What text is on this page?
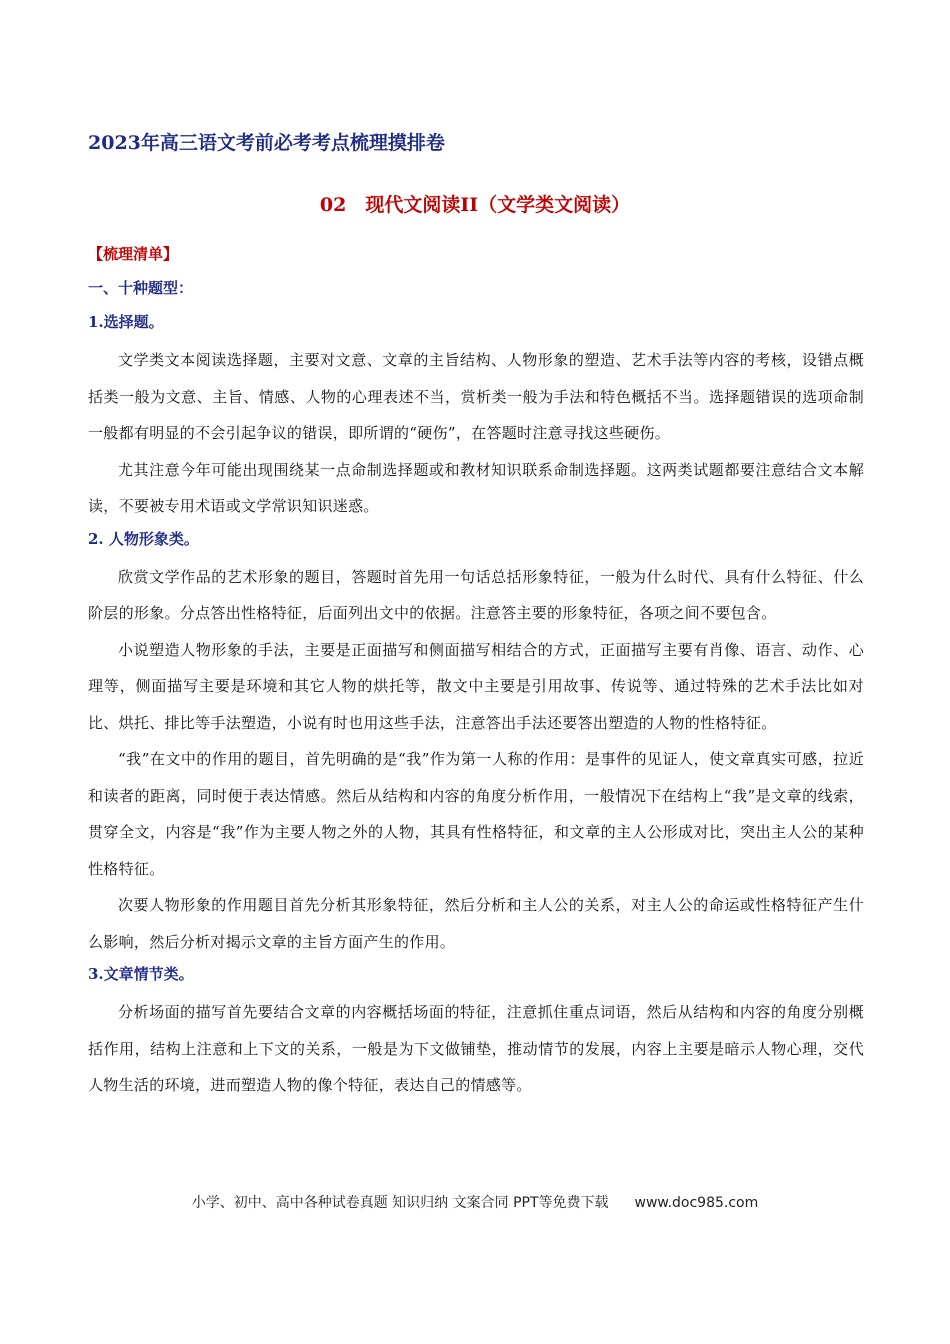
2023年高三语文考前必考考点梳理摸排卷
02　现代文阅读II（文学类文阅读）
【梳理清单】
一、十种题型：
1.选择题。

文学类文本阅读选择题，主要对文意、文章的主旨结构、人物形象的塑造、艺术手法等内容的考核，设错点概括类一般为文意、主旨、情感、人物的心理表述不当，赏析类一般为手法和特色概括不当。选择题错误的选项命制一般都有明显的不会引起争议的错误，即所谓的“硬伤”，在答题时注意寻找这些硬伤。

尤其注意今年可能出现围绕某一点命制选择题或和教材知识联系命制选择题。这两类试题都要注意结合文本解读，不要被专用术语或文学常识知识迷惑。

2. 人物形象类。

欣赏文学作品的艺术形象的题目，答题时首先用一句话总括形象特征，一般为什么时代、具有什么特征、什么阶层的形象。分点答出性格特征，后面列出文中的依据。注意答主要的形象特征，各项之间不要包含。

小说塑造人物形象的手法，主要是正面描写和侧面描写相结合的方式，正面描写主要有肖像、语言、动作、心理等，侧面描写主要是环境和其它人物的烘托等，散文中主要是引用故事、传说等、通过特殊的艺术手法比如对比、烘托、排比等手法塑造，小说有时也用这些手法，注意答出手法还要答出塑造的人物的性格特征。

“我”在文中的作用的题目，首先明确的是“我”作为第一人称的作用：是事件的见证人，使文章真实可感，拉近和读者的距离，同时便于表达情感。然后从结构和内容的角度分析作用，一般情况下在结构上“我”是文章的线索，贯穿全文，内容是“我”作为主要人物之外的人物，其具有性格特征，和文章的主人公形成对比，突出主人公的某种性格特征。

次要人物形象的作用题目首先分析其形象特征，然后分析和主人公的关系，对主人公的命运或性格特征产生什么影响，然后分析对揭示文章的主旨方面产生的作用。

3.文章情节类。

分析场面的描写首先要结合文章的内容概括场面的特征，注意抓住重点词语，然后从结构和内容的角度分别概括作用，结构上注意和上下文的关系，一般是为下文做铺垫，推动情节的发展，内容上主要是暗示人物心理，交代人物生活的环境，进而塑造人物的像个特征，表达自己的情感等。

小学、初中、高中各种试卷真题 知识归纳 文案合同 PPT等免费下载 www.doc985.com
